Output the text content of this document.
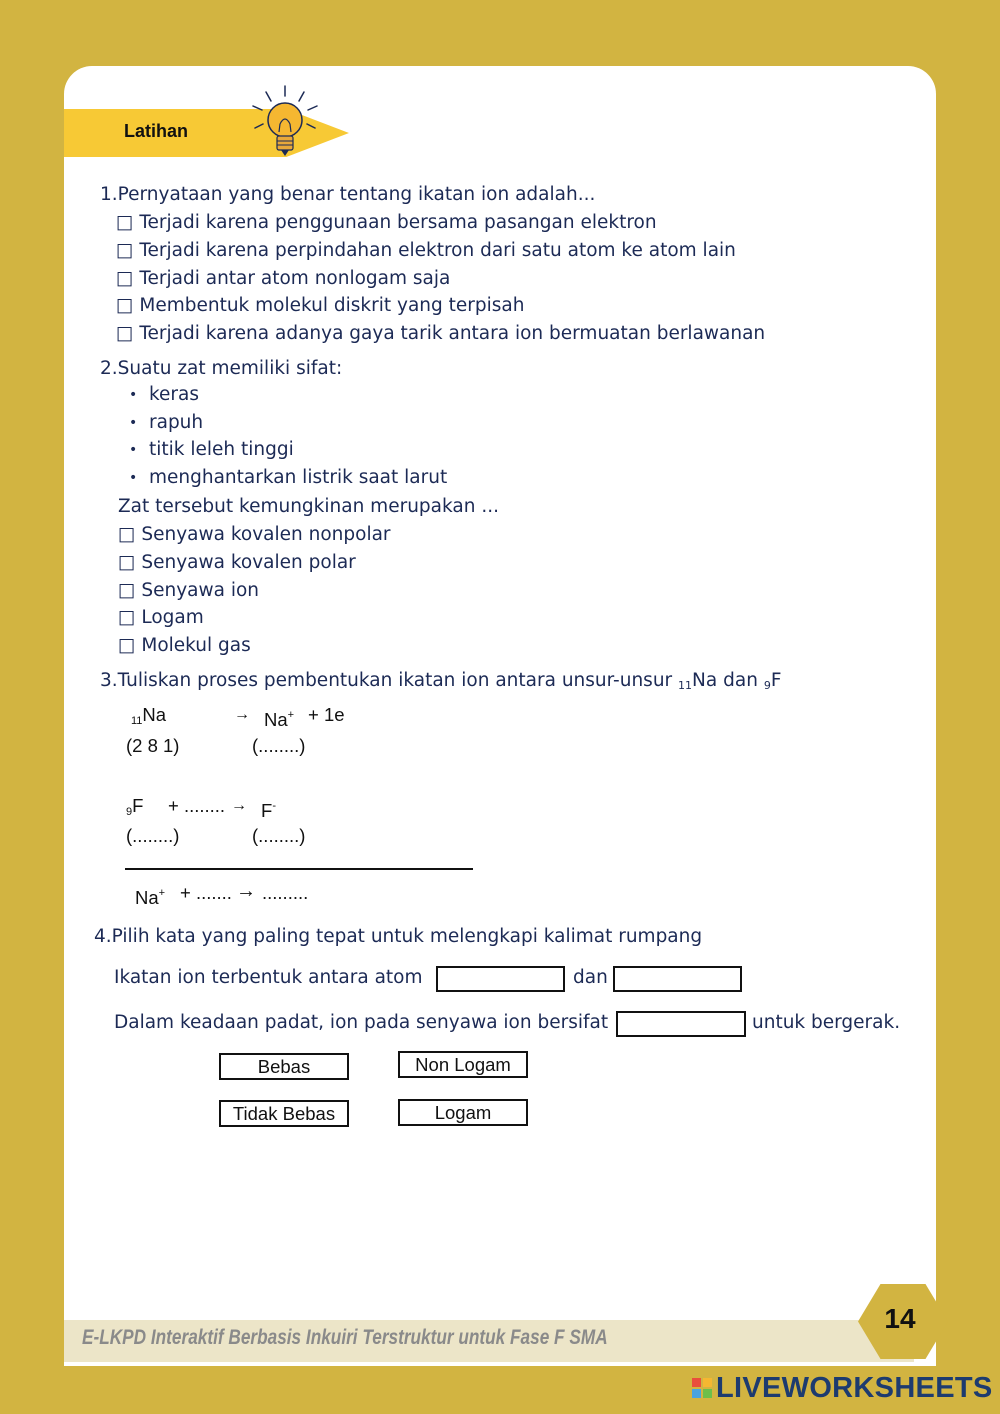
Latihan
1.Pernyataan yang benar tentang ikatan ion adalah...
□ Terjadi karena penggunaan bersama pasangan elektron
□ Terjadi karena perpindahan elektron dari satu atom ke atom lain
□ Terjadi antar atom nonlogam saja
□ Membentuk molekul diskrit yang terpisah
□ Terjadi karena adanya gaya tarik antara ion bermuatan berlawanan
2.Suatu zat memiliki sifat:
• keras
• rapuh
• titik leleh tinggi
• menghantarkan listrik saat larut
Zat tersebut kemungkinan merupakan ...
□ Senyawa kovalen nonpolar
□ Senyawa kovalen polar
□ Senyawa ion
□ Logam
□ Molekul gas
3.Tuliskan proses pembentukan ikatan ion antara unsur-unsur $_{11}$Na dan $_9$F
$_{11}$Na	→ Na+ + 1e
(2 8 1)	(........)
$_9$F + ........ → F-
(........)	(........)
Na+ + ....... → .........
4.Pilih kata yang paling tepat untuk melengkapi kalimat rumpang
Ikatan ion terbentuk antara atom	dan
Dalam keadaan padat, ion pada senyawa ion bersifat	untuk bergerak.
Bebas	Non Logam
Tidak Bebas	Logam
E-LKPD Interaktif Berbasis Inkuiri Terstruktur untuk Fase F SMA
14
LIVEWORKSHEETS
